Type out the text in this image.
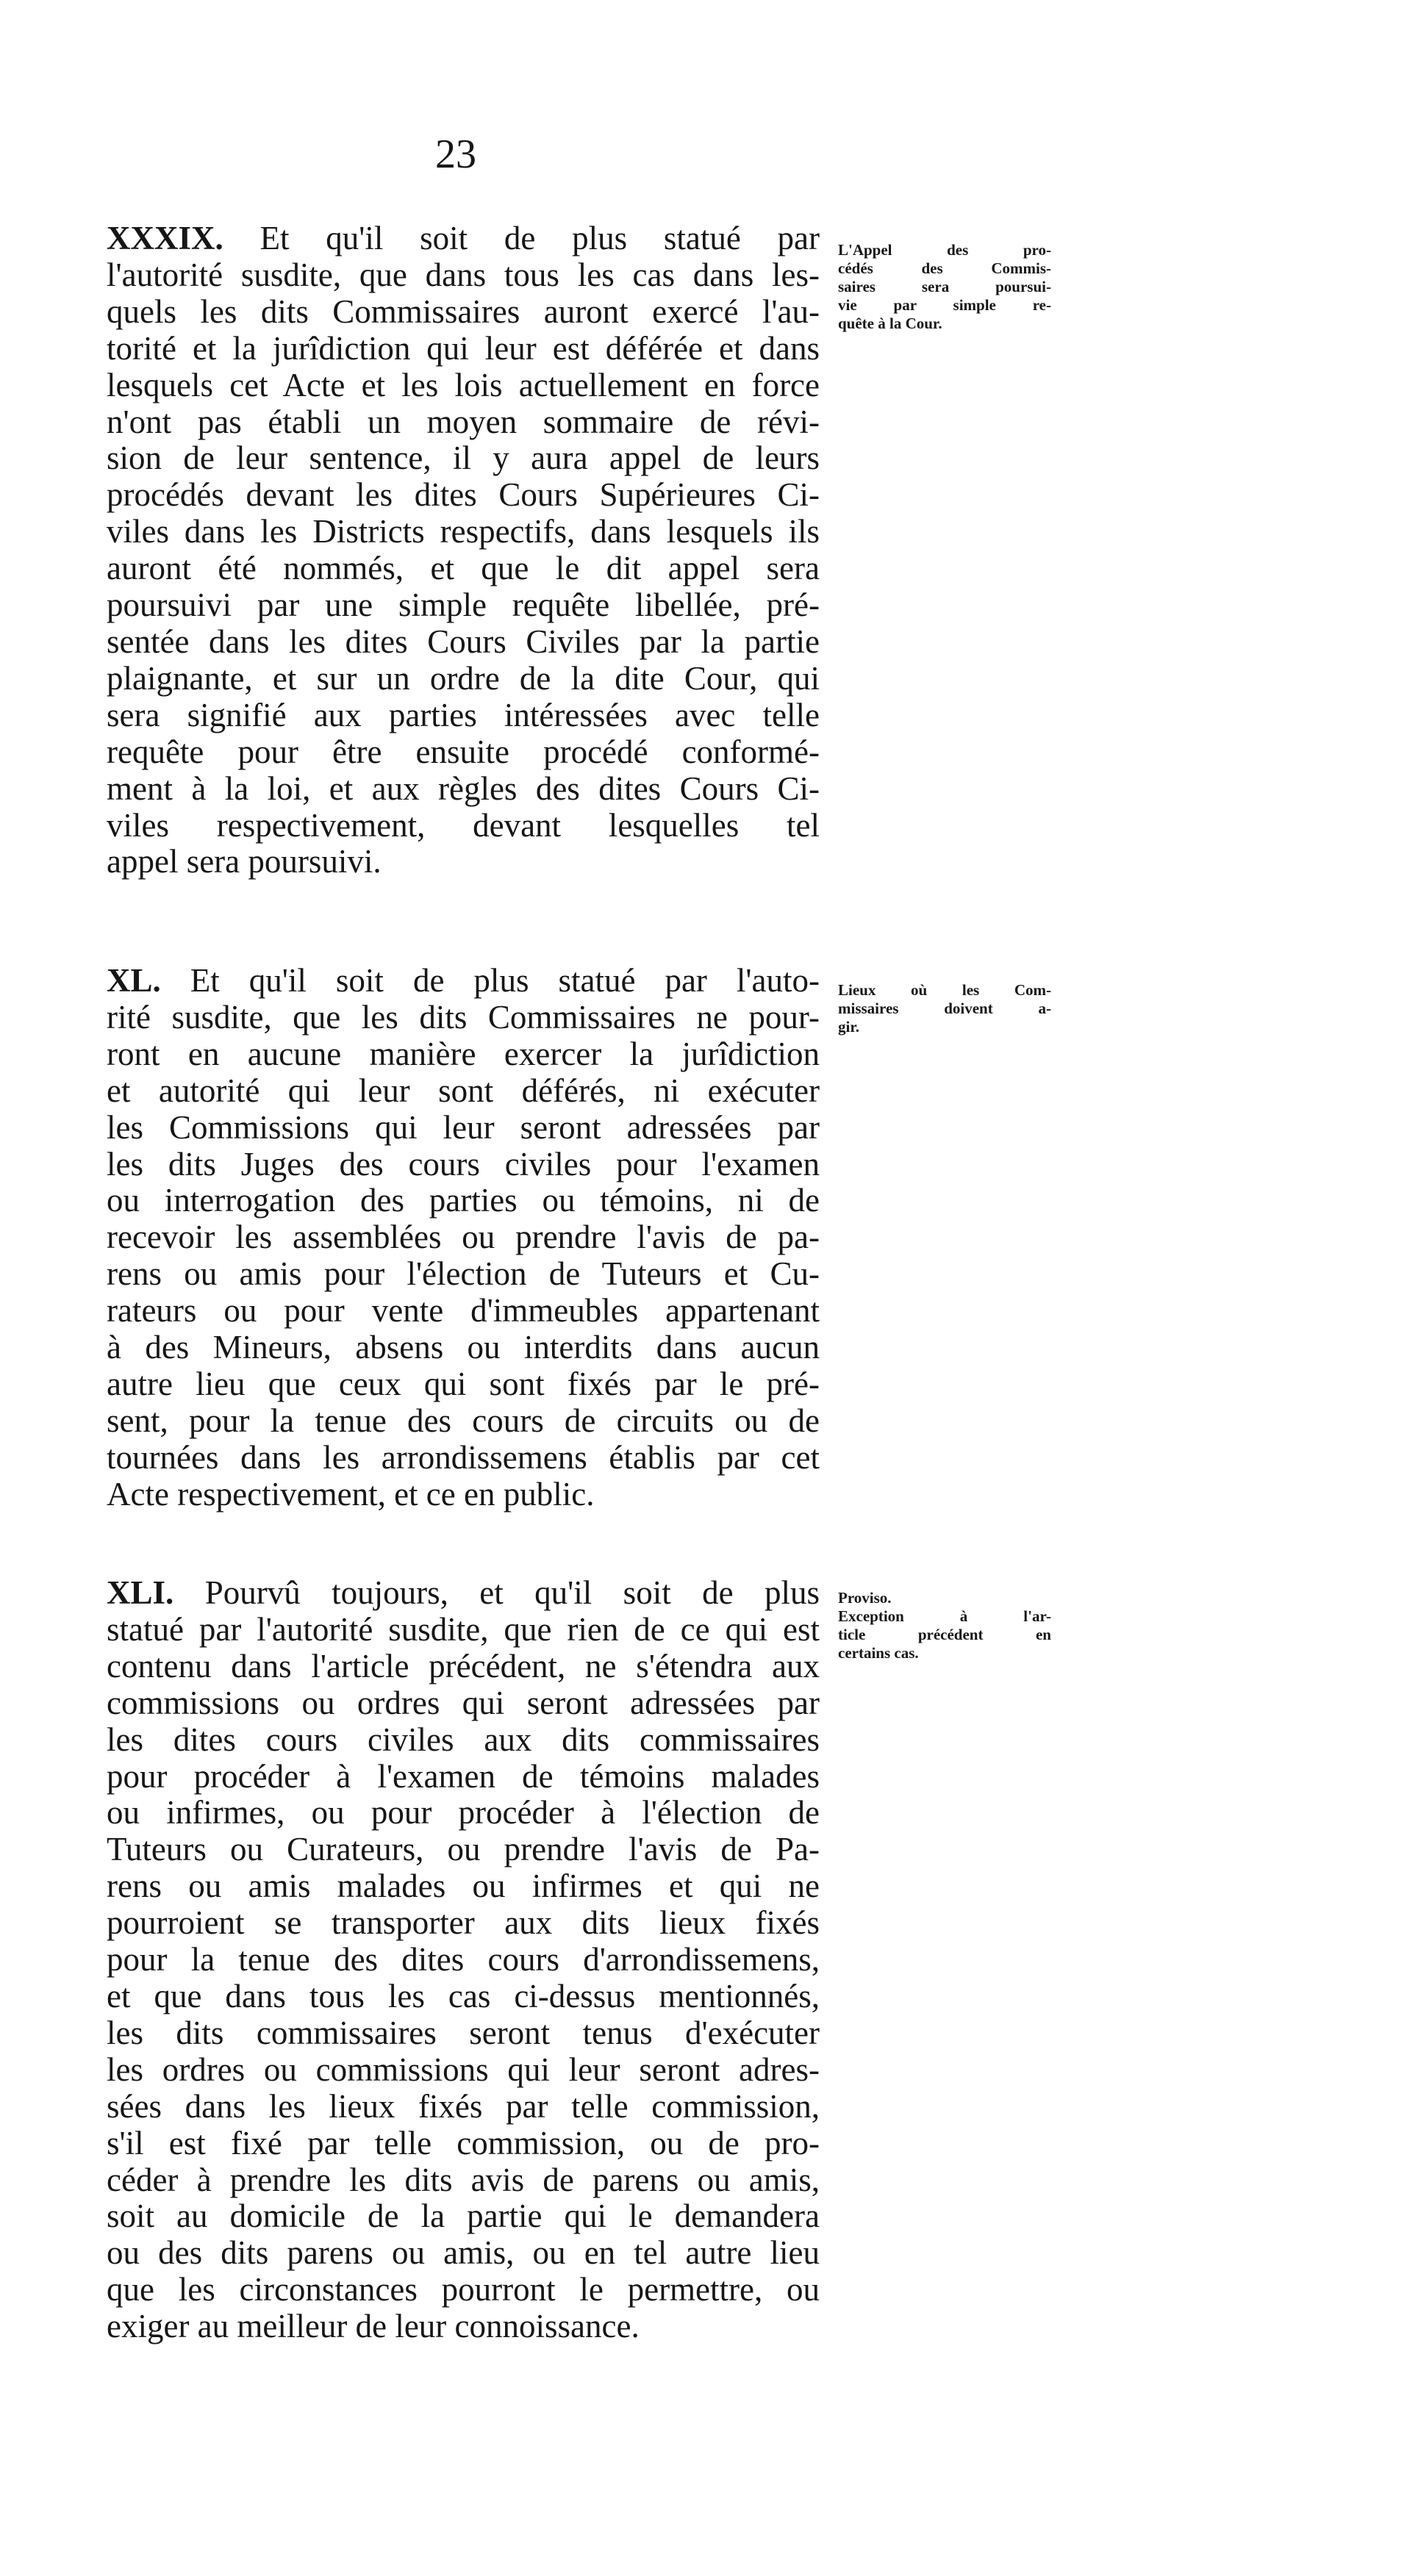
23
XXXIX. Et qu'il soit de plus statué par
l'autorité susdite, que dans tous les cas dans les-
quels les dits Commissaires auront exercé l'au-
torité et la jurîdiction qui leur est déférée et dans
lesquels cet Acte et les lois actuellement en force
n'ont pas établi un moyen sommaire de révi-
sion de leur sentence, il y aura appel de leurs
procédés devant les dites Cours Supérieures Ci-
viles dans les Districts respectifs, dans lesquels ils
auront été nommés, et que le dit appel sera
poursuivi par une simple requête libellée, pré-
sentée dans les dites Cours Civiles par la partie
plaignante, et sur un ordre de la dite Cour, qui
sera signifié aux parties intéressées avec telle
requête pour être ensuite procédé conformé-
ment à la loi, et aux règles des dites Cours Ci-
viles respectivement, devant lesquelles tel
appel sera poursuivi.
L'Appel des pro-
cédés des Commis-
saires sera poursui-
vie par simple re-
quête à la Cour.
XL. Et qu'il soit de plus statué par l'auto-
rité susdite, que les dits Commissaires ne pour-
ront en aucune manière exercer la jurîdiction
et autorité qui leur sont déférés, ni exécuter
les Commissions qui leur seront adressées par
les dits Juges des cours civiles pour l'examen
ou interrogation des parties ou témoins, ni de
recevoir les assemblées ou prendre l'avis de pa-
rens ou amis pour l'élection de Tuteurs et Cu-
rateurs ou pour vente d'immeubles appartenant
à des Mineurs, absens ou interdits dans aucun
autre lieu que ceux qui sont fixés par le pré-
sent, pour la tenue des cours de circuits ou de
tournées dans les arrondissemens établis par cet
Acte respectivement, et ce en public.
Lieux où les Com-
missaires doivent a-
gir.
XLI. Pourvû toujours, et qu'il soit de plus
statué par l'autorité susdite, que rien de ce qui est
contenu dans l'article précédent, ne s'étendra aux
commissions ou ordres qui seront adressées par
les dites cours civiles aux dits commissaires
pour procéder à l'examen de témoins malades
ou infirmes, ou pour procéder à l'élection de
Tuteurs ou Curateurs, ou prendre l'avis de Pa-
rens ou amis malades ou infirmes et qui ne
pourroient se transporter aux dits lieux fixés
pour la tenue des dites cours d'arrondissemens,
et que dans tous les cas ci-dessus mentionnés,
les dits commissaires seront tenus d'exécuter
les ordres ou commissions qui leur seront adres-
sées dans les lieux fixés par telle commission,
s'il est fixé par telle commission, ou de pro-
céder à prendre les dits avis de parens ou amis,
soit au domicile de la partie qui le demandera
ou des dits parens ou amis, ou en tel autre lieu
que les circonstances pourront le permettre, ou
exiger au meilleur de leur connoissance.
Proviso.
Exception à l'ar-
ticle précédent en
certains cas.
